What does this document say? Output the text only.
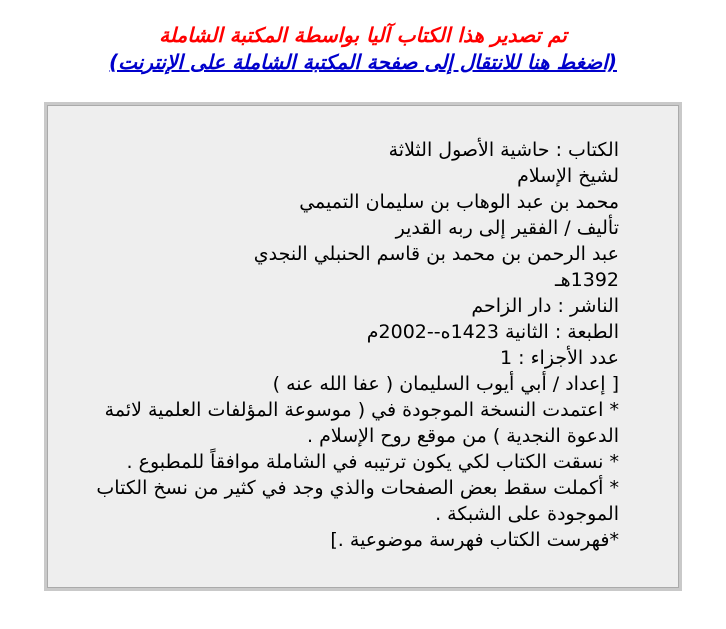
تم تصدير هذا الكتاب آليا بواسطة المكتبة الشاملة
(اضغط هنا للانتقال إلى صفحة المكتبة الشاملة على الإنترنت)
الكتاب : حاشية الأصول الثلاثة
لشيخ الإسلام
محمد بن عبد الوهاب بن سليمان التميمي
تأليف / الفقير إلى ربه القدير
عبد الرحمن بن محمد بن قاسم الحنبلي النجدي
1392هـ
الناشر : دار الزاحم
الطبعة : الثانية 1423ه--2002م
عدد الأجزاء : 1
[ إعداد / أبي أيوب السليمان ( عفا الله عنه )
* اعتمدت النسخة الموجودة في ( موسوعة المؤلفات العلمية لائمة الدعوة النجدية ) من موقع روح الإسلام .
* نسقت الكتاب لكي يكون ترتيبه في الشاملة موافقاً للمطبوع .
* أكملت سقط بعض الصفحات والذي وجد في كثير من نسخ الكتاب الموجودة على الشبكة .
*فهرست الكتاب فهرسة موضوعية .]
